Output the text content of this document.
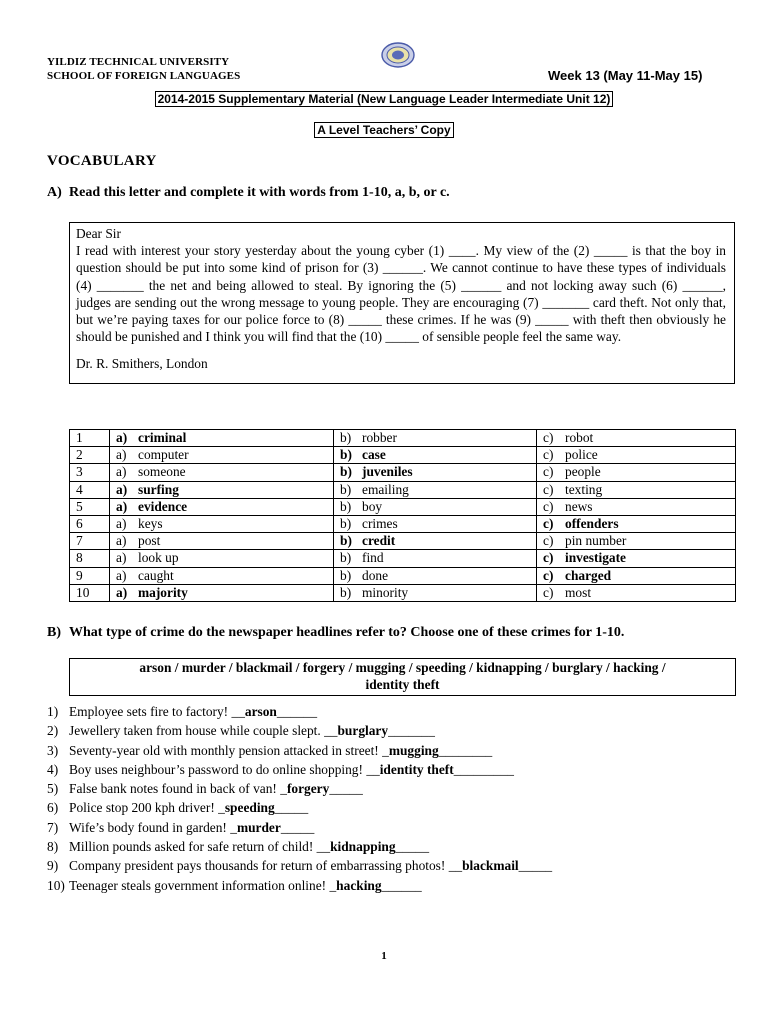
YILDIZ TECHNICAL UNIVERSITY
SCHOOL OF FOREIGN LANGUAGES	Week 13 (May 11-May 15)
2014-2015 Supplementary Material (New Language Leader Intermediate Unit 12)
A Level Teachers’ Copy
VOCABULARY
A) Read this letter and complete it with words from 1-10, a, b, or c.
Dear Sir
I read with interest your story yesterday about the young cyber (1) ____. My view of the (2) _____ is that the boy in question should be put into some kind of prison for (3) ______. We cannot continue to have these types of individuals (4) _______ the net and being allowed to steal. By ignoring the (5) ______ and not locking away such (6) ______, judges are sending out the wrong message to young people. They are encouraging (7) _______ card theft. Not only that, but we’re paying taxes for our police force to (8) _____ these crimes. If he was (9) _____ with theft then obviously he should be punished and I think you will find that the (10) _____ of sensible people feel the same way.
Dr. R. Smithers, London
1	a) criminal	b) robber	c) robot
2	a) computer	b) case	c) police
3	a) someone	b) juveniles	c) people
4	a) surfing	b) emailing	c) texting
5	a) evidence	b) boy	c) news
6	a) keys	b) crimes	c) offenders
7	a) post	b) credit	c) pin number
8	a) look up	b) find	c) investigate
9	a) caught	b) done	c) charged
10	a) majority	b) minority	c) most
B) What type of crime do the newspaper headlines refer to? Choose one of these crimes for 1-10.
arson / murder / blackmail / forgery / mugging / speeding / kidnapping / burglary / hacking /
identity theft
1) Employee sets fire to factory! __arson______
2) Jewellery taken from house while couple slept. __burglary_______
3) Seventy-year old with monthly pension attacked in street! _mugging________
4) Boy uses neighbour’s password to do online shopping! __identity theft_________
5) False bank notes found in back of van! _forgery_____
6) Police stop 200 kph driver! _speeding_____
7) Wife’s body found in garden! _murder_____
8) Million pounds asked for safe return of child! __kidnapping_____
9) Company president pays thousands for return of embarrassing photos! __blackmail_____
10) Teenager steals government information online! _hacking______
1
